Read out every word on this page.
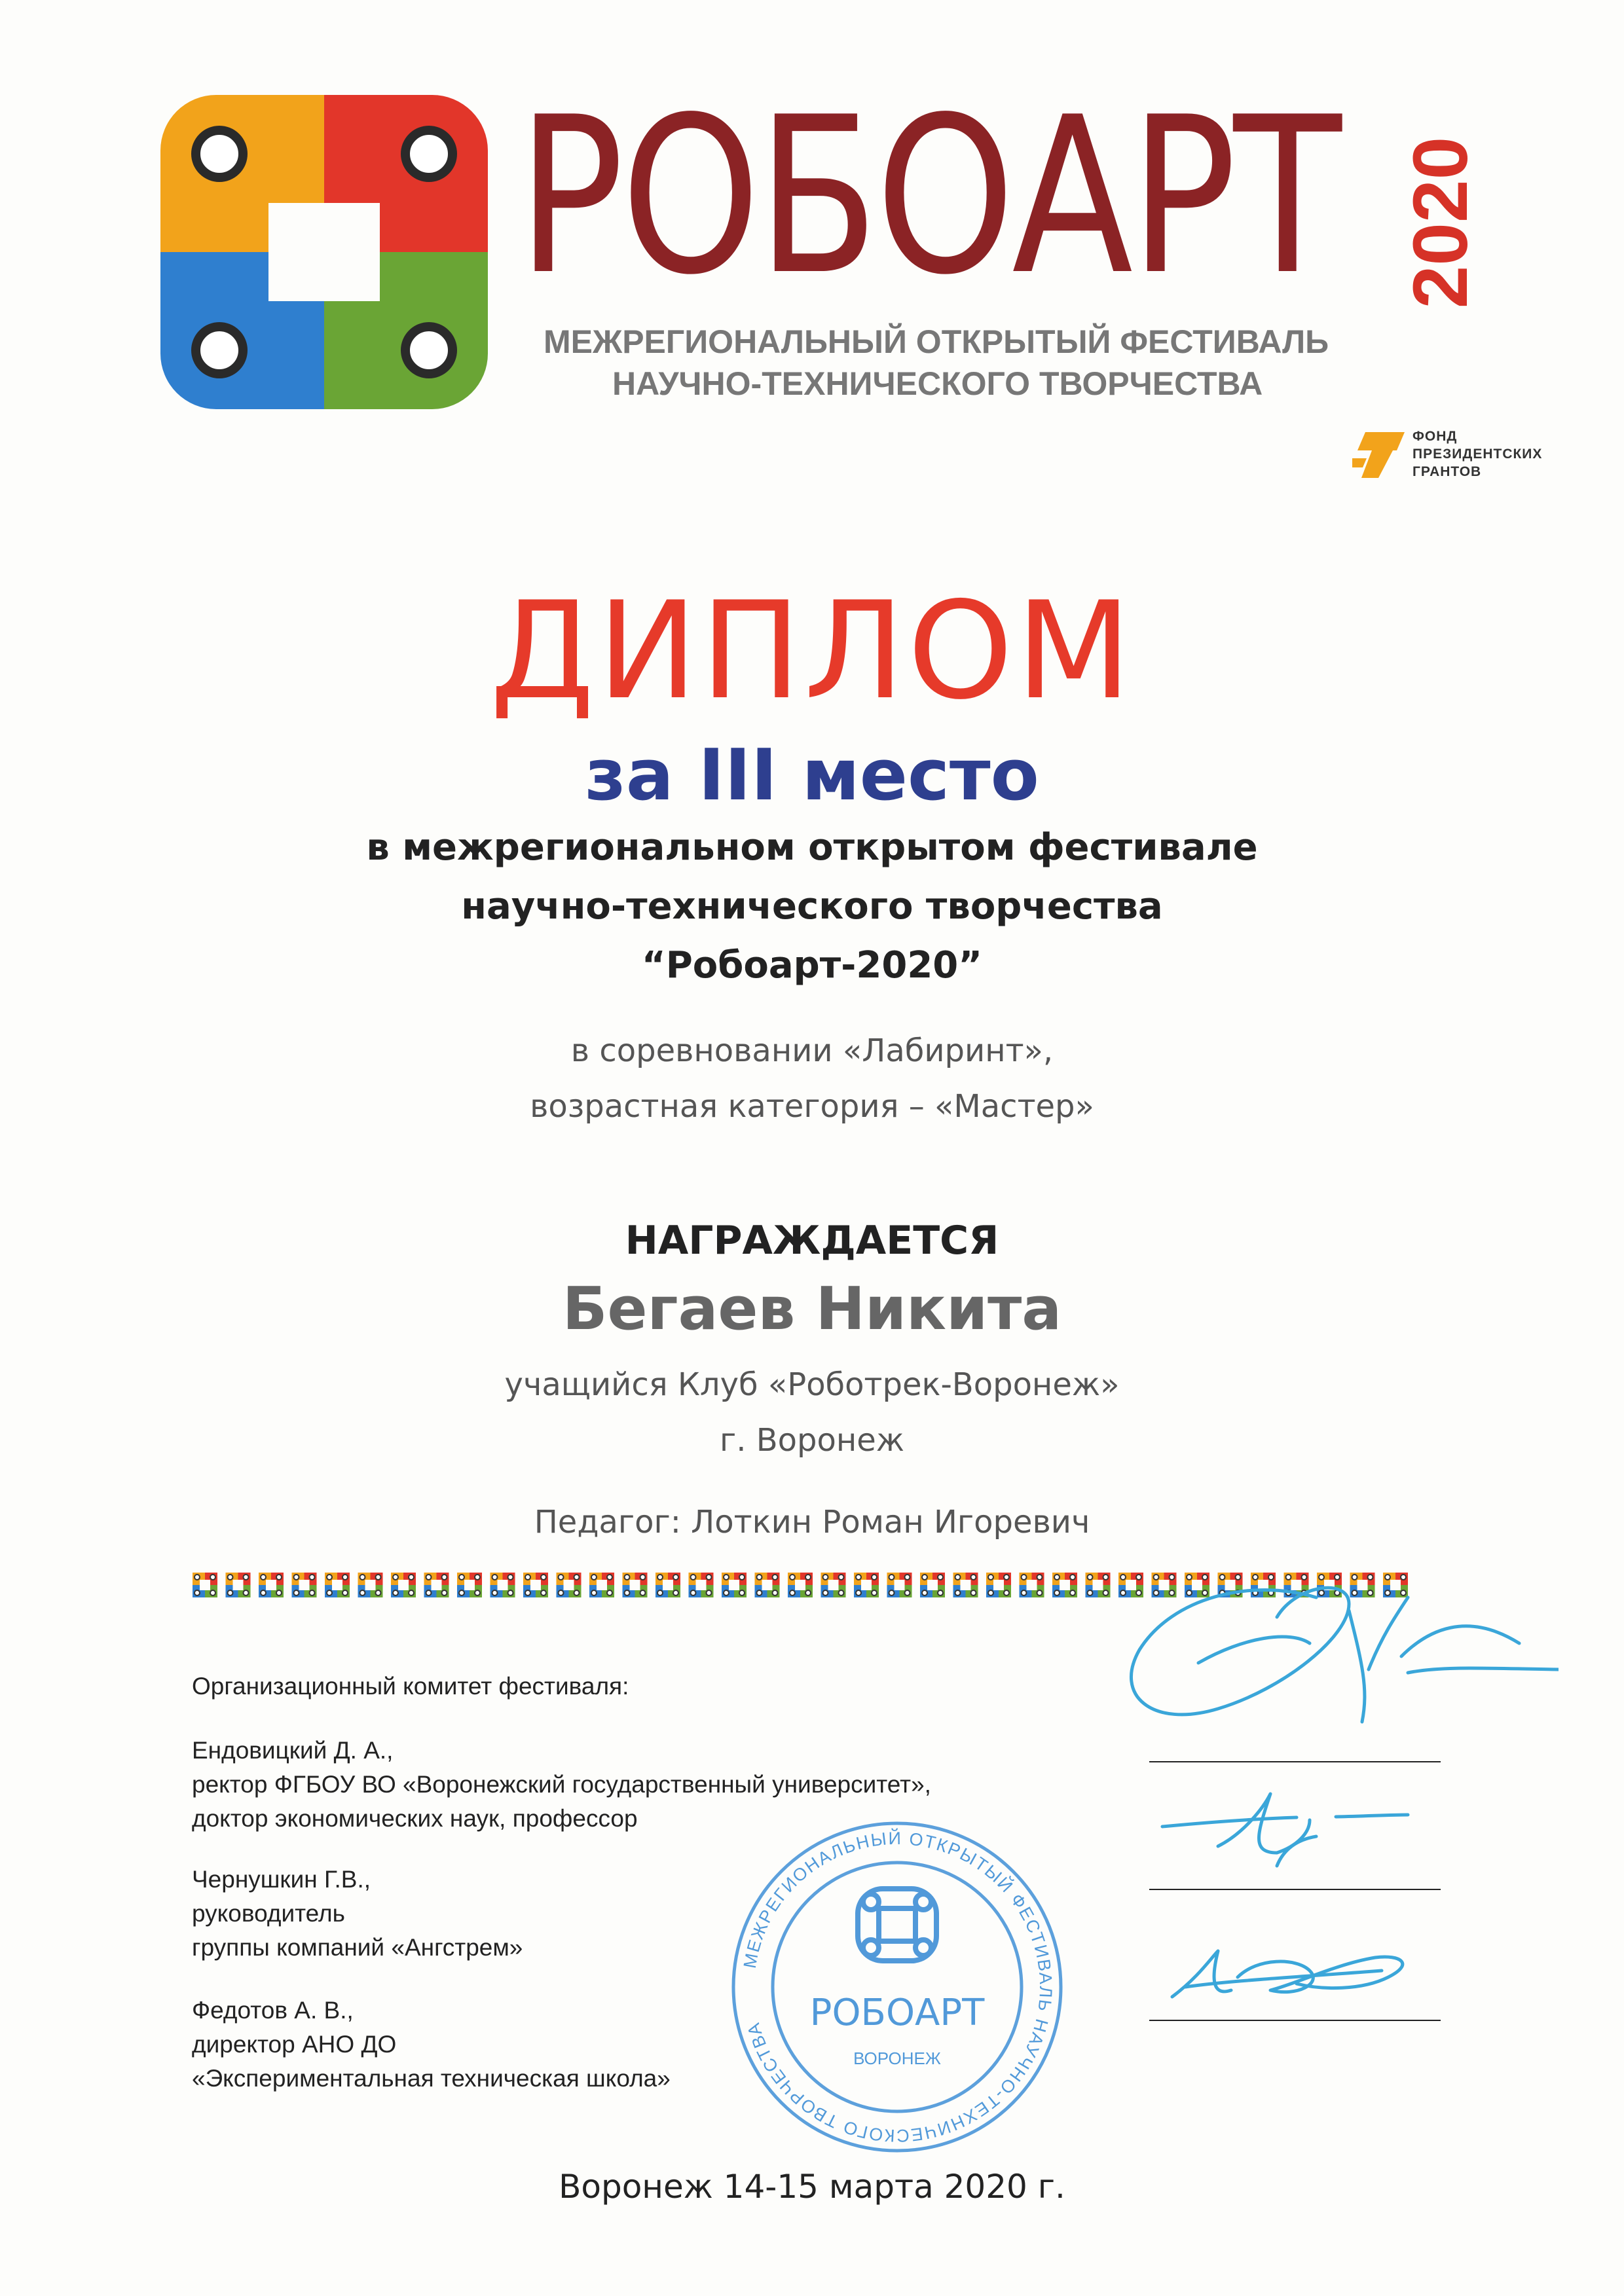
РОБОАРТ 2020
МЕЖРЕГИОНАЛЬНЫЙ ОТКРЫТЫЙ ФЕСТИВАЛЬ
НАУЧНО-ТЕХНИЧЕСКОГО ТВОРЧЕСТВА
ФОНД
ПРЕЗИДЕНТСКИХ
ГРАНТОВ
ДИПЛОМ
за III место
в межрегиональном открытом фестивале
научно-технического творчества
“Робоарт-2020”
в соревновании «Лабиринт»,
возрастная категория – «Мастер»
НАГРАЖДАЕТСЯ
Бегаев Никита
учащийся Клуб «Роботрек-Воронеж»
г. Воронеж
Педагог: Лоткин Роман Игоревич
Организационный комитет фестиваля:
Ендовицкий Д. А.,
ректор ФГБОУ ВО «Воронежский государственный университет»,
доктор экономических наук, профессор
Чернушкин Г.В.,
руководитель
группы компаний «Ангстрем»
Федотов А. В.,
директор АНО ДО
«Экспериментальная техническая школа»
МЕЖРЕГИОНАЛЬНЫЙ ОТКРЫТЫЙ ФЕСТИВАЛЬ НАУЧНО-ТЕХНИЧЕСКОГО ТВОРЧЕСТВА	РОБОАРТ
ВОРОНЕЖ
Воронеж 14-15 марта 2020 г.
